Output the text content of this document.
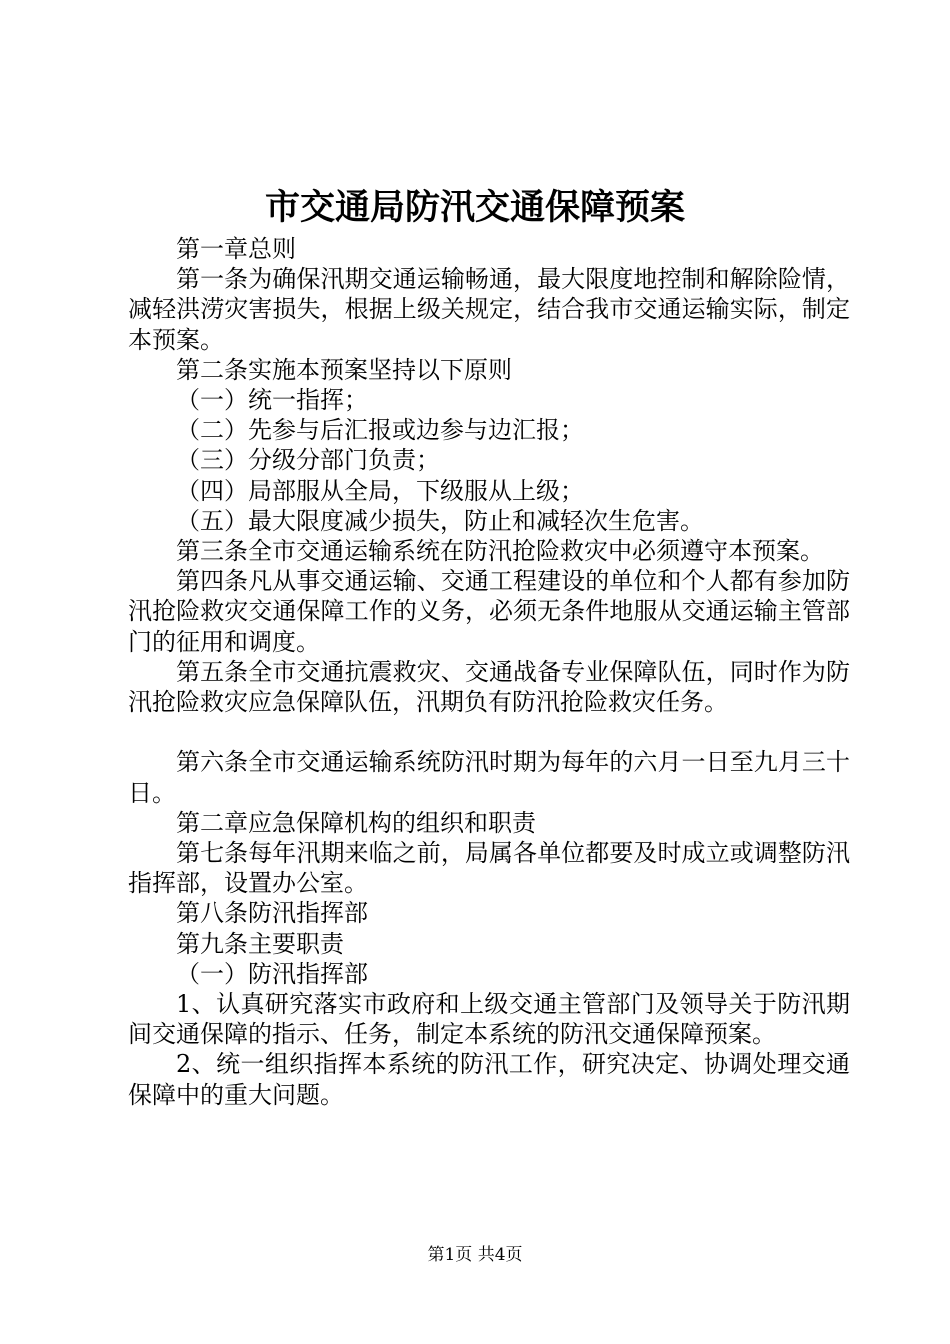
市交通局防汛交通保障预案

第一章总则

第一条为确保汛期交通运输畅通，最大限度地控制和解除险情，减轻洪涝灾害损失，根据上级关规定，结合我市交通运输实际，制定本预案。

第二条实施本预案坚持以下原则

（一）统一指挥；

（二）先参与后汇报或边参与边汇报；

（三）分级分部门负责；

（四）局部服从全局，下级服从上级；

（五）最大限度减少损失，防止和减轻次生危害。

第三条全市交通运输系统在防汛抢险救灾中必须遵守本预案。

第四条凡从事交通运输、交通工程建设的单位和个人都有参加防汛抢险救灾交通保障工作的义务，必须无条件地服从交通运输主管部门的征用和调度。

第五条全市交通抗震救灾、交通战备专业保障队伍，同时作为防汛抢险救灾应急保障队伍，汛期负有防汛抢险救灾任务。

第六条全市交通运输系统防汛时期为每年的六月一日至九月三十日。

第二章应急保障机构的组织和职责

第七条每年汛期来临之前，局属各单位都要及时成立或调整防汛指挥部，设置办公室。

第八条防汛指挥部

第九条主要职责

（一）防汛指挥部

1、认真研究落实市政府和上级交通主管部门及领导关于防汛期间交通保障的指示、任务，制定本系统的防汛交通保障预案。

2、统一组织指挥本系统的防汛工作，研究决定、协调处理交通保障中的重大问题。

第1页 共4页
